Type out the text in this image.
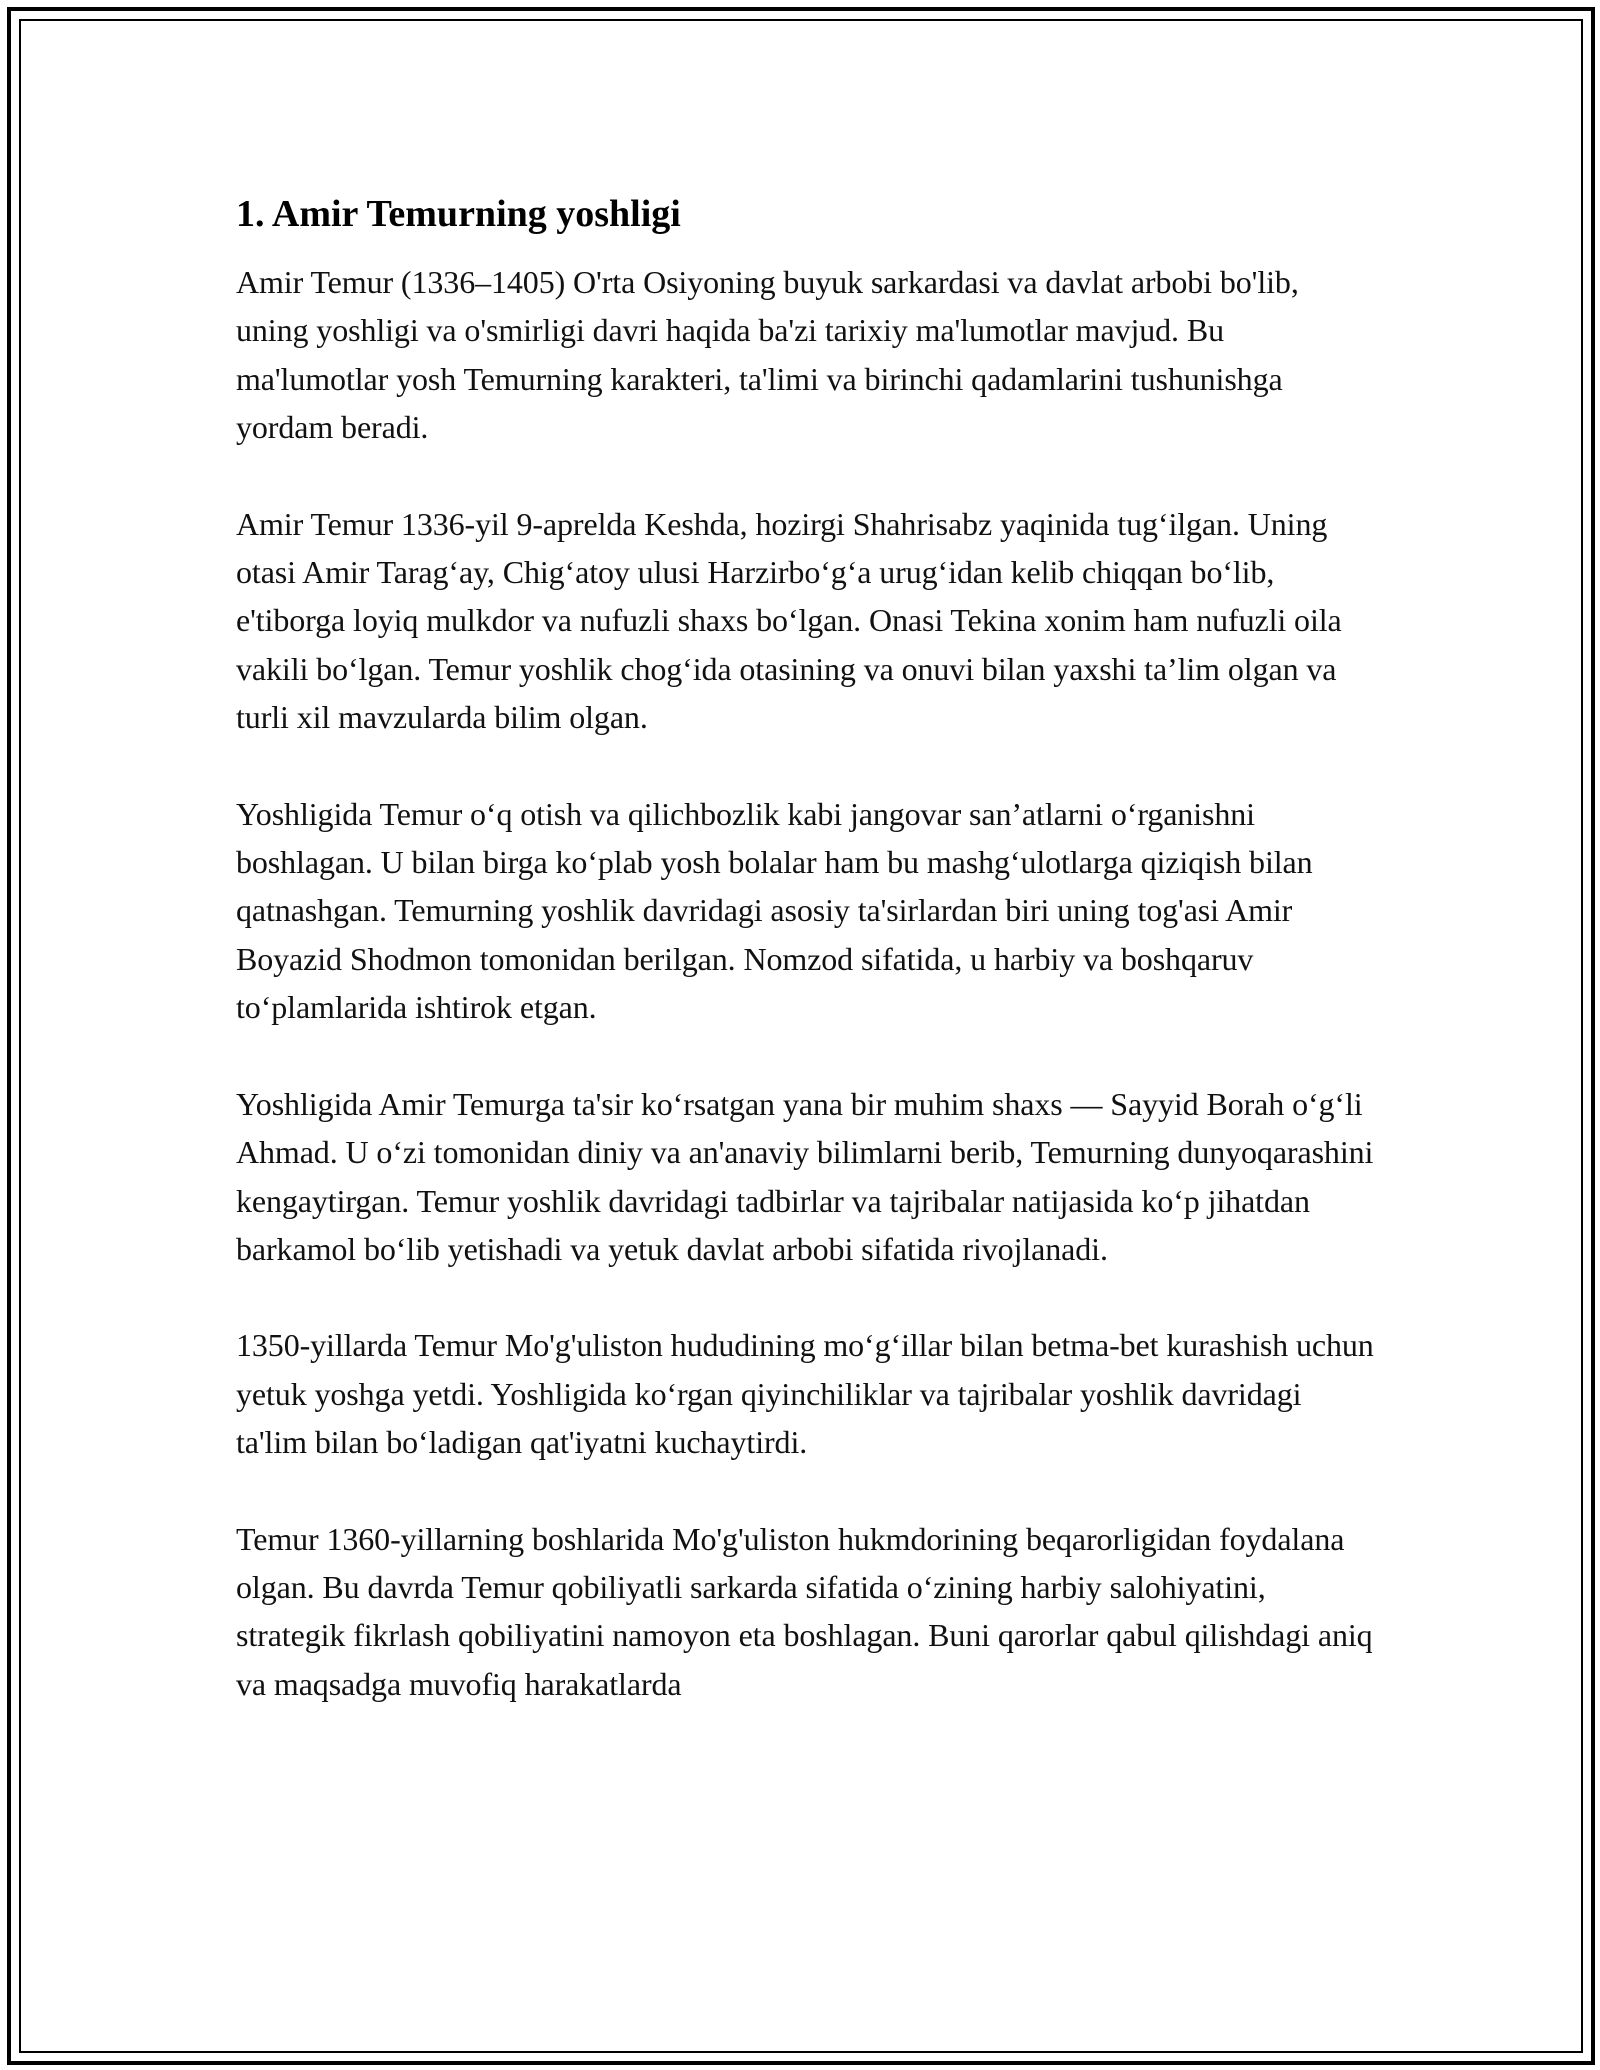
1. Amir Temurning yoshligi

Amir Temur (1336–1405) O'rta Osiyoning buyuk sarkardasi va davlat arbobi bo'lib, uning yoshligi va o'smirligi davri haqida ba'zi tarixiy ma'lumotlar mavjud. Bu ma'lumotlar yosh Temurning karakteri, ta'limi va birinchi qadamlarini tushunishga yordam beradi.

Amir Temur 1336-yil 9-aprelda Keshda, hozirgi Shahrisabz yaqinida tugʻilgan. Uning otasi Amir Taragʻay, Chigʻatoy ulusi Harzirboʻgʻa urugʻidan kelib chiqqan boʻlib, e'tiborga loyiq mulkdor va nufuzli shaxs boʻlgan. Onasi Tekina xonim ham nufuzli oila vakili boʻlgan. Temur yoshlik chogʻida otasining va onuvi bilan yaxshi ta’lim olgan va turli xil mavzularda bilim olgan.

Yoshligida Temur oʻq otish va qilichbozlik kabi jangovar san’atlarni oʻrganishni boshlagan. U bilan birga koʻplab yosh bolalar ham bu mashgʻulotlarga qiziqish bilan qatnashgan. Temurning yoshlik davridagi asosiy ta'sirlardan biri uning tog'asi Amir Boyazid Shodmon tomonidan berilgan. Nomzod sifatida, u harbiy va boshqaruv toʻplamlarida ishtirok etgan.

Yoshligida Amir Temurga ta'sir koʻrsatgan yana bir muhim shaxs — Sayyid Borah oʻgʻli Ahmad. U oʻzi tomonidan diniy va an'anaviy bilimlarni berib, Temurning dunyoqarashini kengaytirgan. Temur yoshlik davridagi tadbirlar va tajribalar natijasida koʻp jihatdan barkamol boʻlib yetishadi va yetuk davlat arbobi sifatida rivojlanadi.

1350-yillarda Temur Mo'g'uliston hududining moʻgʻillar bilan betma-bet kurashish uchun yetuk yoshga yetdi. Yoshligida koʻrgan qiyinchiliklar va tajribalar yoshlik davridagi ta'lim bilan boʻladigan qat'iyatni kuchaytirdi.

Temur 1360-yillarning boshlarida Mo'g'uliston hukmdorining beqarorligidan foydalana olgan. Bu davrda Temur qobiliyatli sarkarda sifatida oʻzining harbiy salohiyatini, strategik fikrlash qobiliyatini namoyon eta boshlagan. Buni qarorlar qabul qilishdagi aniq va maqsadga muvofiq harakatlarda
